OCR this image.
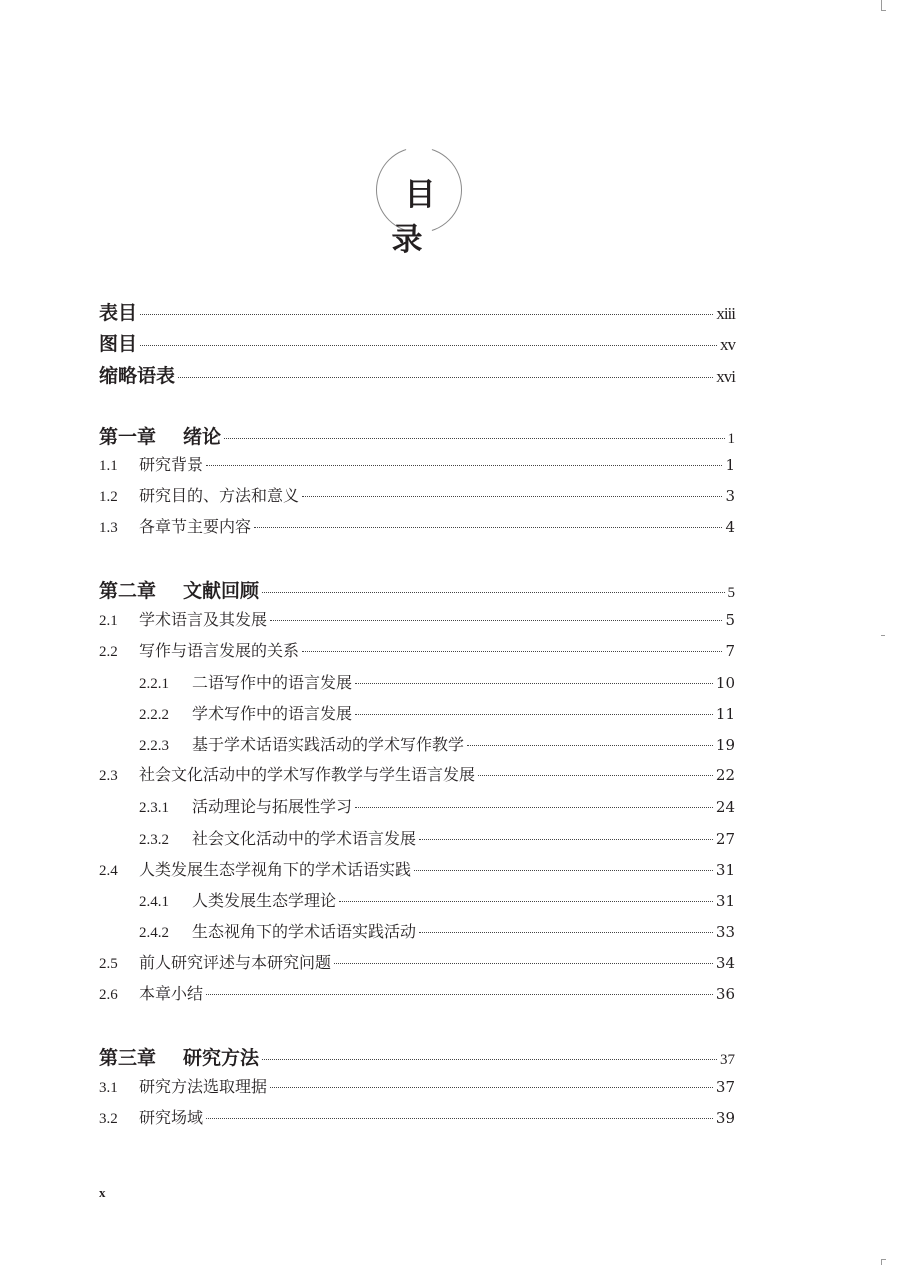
目 录
表目	xiii
图目	xv
缩略语表	xvi
第一章	绪论	1
1.1	研究背景	1
1.2	研究目的、方法和意义	3
1.3	各章节主要内容	4
第二章	文献回顾	5
2.1	学术语言及其发展	5
2.2	写作与语言发展的关系	7
2.2.1	二语写作中的语言发展	10
2.2.2	学术写作中的语言发展	11
2.2.3	基于学术话语实践活动的学术写作教学	19
2.3	社会文化活动中的学术写作教学与学生语言发展	22
2.3.1	活动理论与拓展性学习	24
2.3.2	社会文化活动中的学术语言发展	27
2.4	人类发展生态学视角下的学术话语实践	31
2.4.1	人类发展生态学理论	31
2.4.2	生态视角下的学术话语实践活动	33
2.5	前人研究评述与本研究问题	34
2.6	本章小结	36
第三章	研究方法	37
3.1	研究方法选取理据	37
3.2	研究场域	39
x
